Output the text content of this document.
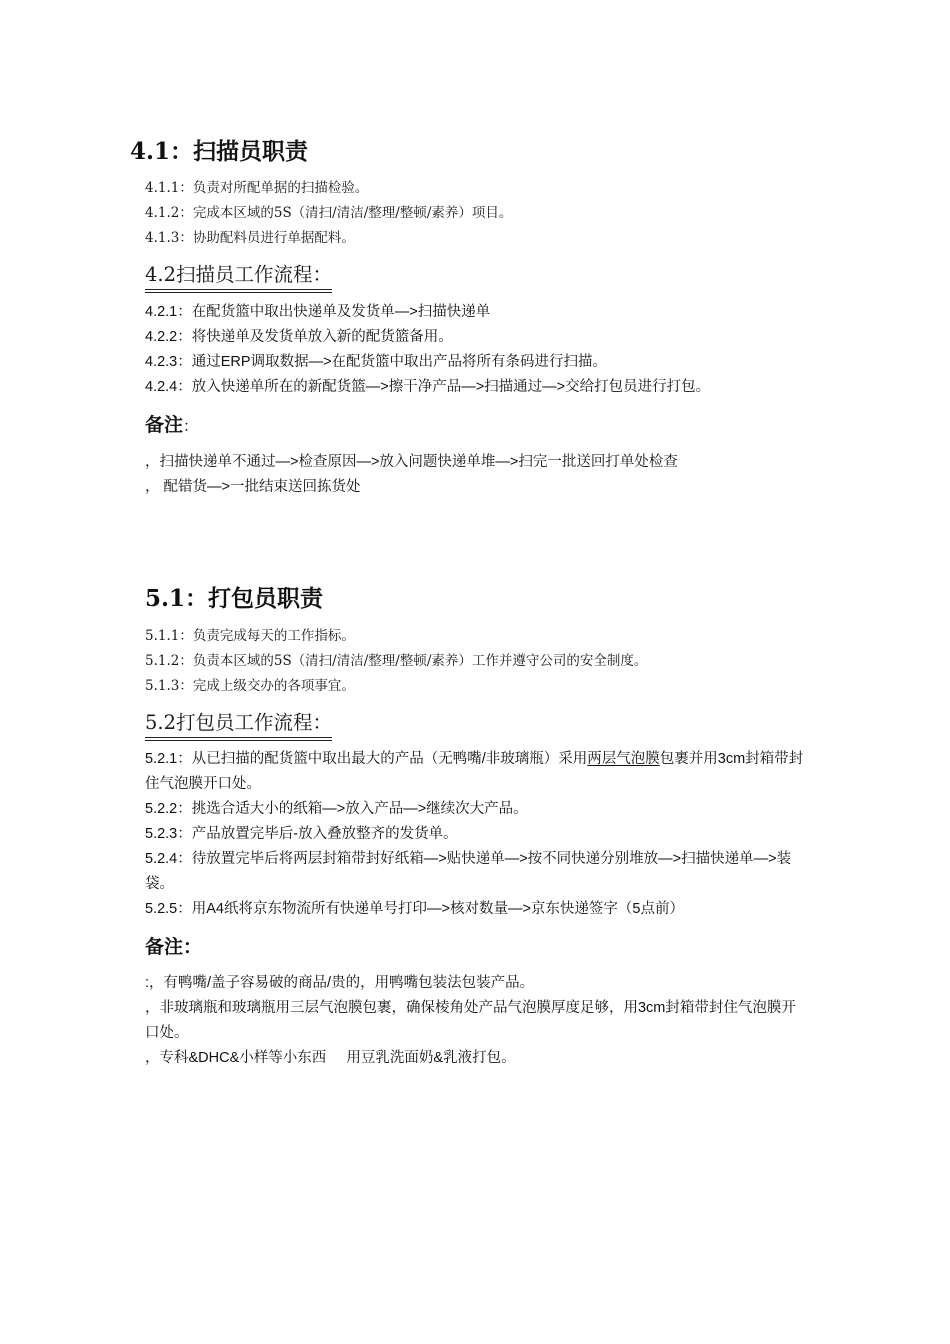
4.1：扫描员职责
4.1.1：负责对所配单据的扫描检验。
4.1.2：完成本区域的5S（清扫/清洁/整理/整顿/素养）项目。
4.1.3：协助配料员进行单据配料。
4.2扫描员工作流程：
4.2.1：在配货篮中取出快递单及发货单—>扫描快递单
4.2.2：将快递单及发货单放入新的配货篮备用。
4.2.3：通过ERP调取数据—>在配货篮中取出产品将所有条码进行扫描。
4.2.4：放入快递单所在的新配货篮—>擦干净产品—>扫描通过—>交给打包员进行打包。
备注：
，扫描快递单不通过—>检查原因—>放入问题快递单堆—>扫完一批送回打单处检查
， 配错货—>一批结束送回拣货处
5.1：打包员职责
5.1.1：负责完成每天的工作指标。
5.1.2：负责本区域的5S（清扫/清洁/整理/整顿/素养）工作并遵守公司的安全制度。
5.1.3：完成上级交办的各项事宜。
5.2打包员工作流程：
5.2.1：从已扫描的配货篮中取出最大的产品（无鸭嘴/非玻璃瓶）采用两层气泡膜包裹并用3cm封箱带封住气泡膜开口处。
5.2.2：挑选合适大小的纸箱—>放入产品—>继续次大产品。
5.2.3：产品放置完毕后-放入叠放整齐的发货单。
5.2.4：待放置完毕后将两层封箱带封好纸箱—>贴快递单—>按不同快递分别堆放—>扫描快递单—>装袋。
5.2.5：用A4纸将京东物流所有快递单号打印—>核对数量—>京东快递签字（5点前）
备注：
:，有鸭嘴/盖子容易破的商品/贵的，用鸭嘴包装法包装产品。
，非玻璃瓶和玻璃瓶用三层气泡膜包裹，确保棱角处产品气泡膜厚度足够，用3cm封箱带封住气泡膜开口处。
，专科&DHC&小样等小东西     用豆乳洗面奶&乳液打包。
